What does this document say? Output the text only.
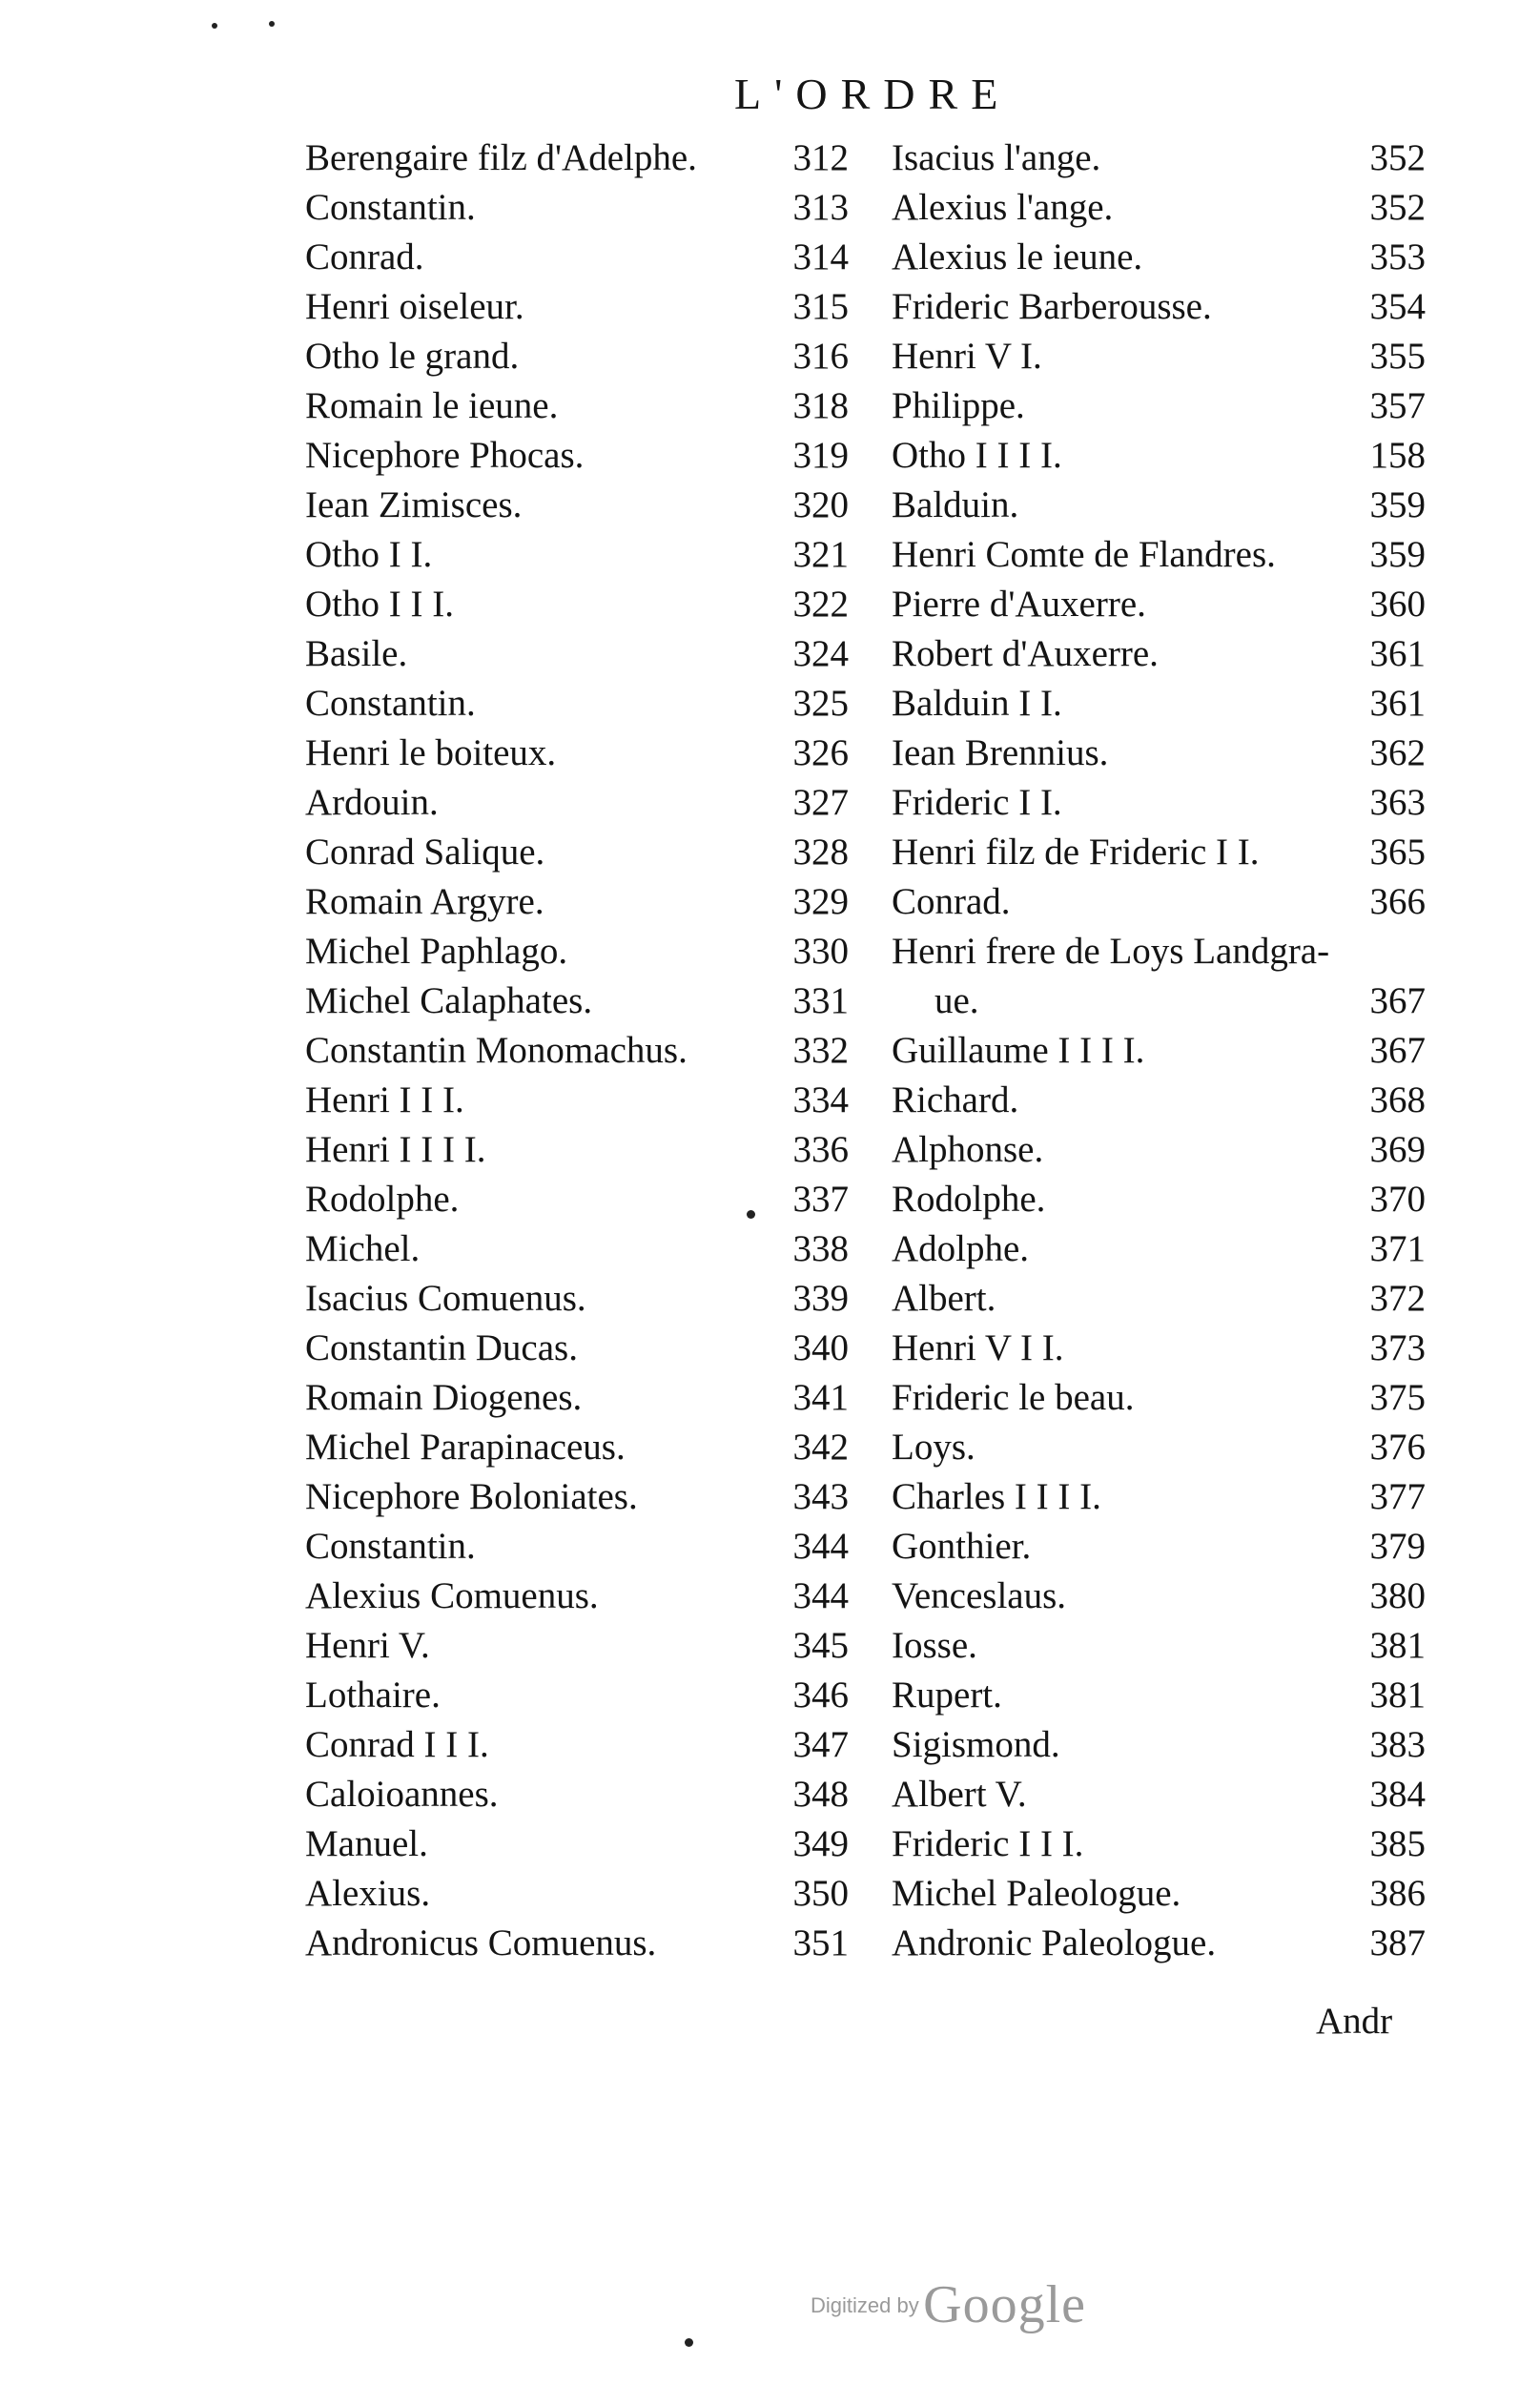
L'ORDRE
Berengaire filz d'Adelphe.	312
Constantin.	313
Conrad.	314
Henri oiseleur.	315
Otho le grand.	316
Romain le ieune.	318
Nicephore Phocas.	319
Iean Zimisces.	320
Otho I I.	321
Otho I I I.	322
Basile.	324
Constantin.	325
Henri le boiteux.	326
Ardouin.	327
Conrad Salique.	328
Romain Argyre.	329
Michel Paphlago.	330
Michel Calaphates.	331
Constantin Monomachus.	332
Henri I I I.	334
Henri I I I I.	336
Rodolphe.	337
Michel.	338
Isacius Comuenus.	339
Constantin Ducas.	340
Romain Diogenes.	341
Michel Parapinaceus.	342
Nicephore Boloniates.	343
Constantin.	344
Alexius Comuenus.	344
Henri V.	345
Lothaire.	346
Conrad I I I.	347
Caloioannes.	348
Manuel.	349
Alexius.	350
Andronicus Comuenus.	351
Isacius l'ange.	352
Alexius l'ange.	352
Alexius le ieune.	353
Frideric Barberousse.	354
Henri V I.	355
Philippe.	357
Otho I I I I.	158
Balduin.	359
Henri Comte de Flandres.	359
Pierre d'Auxerre.	360
Robert d'Auxerre.	361
Balduin I I.	361
Iean Brennius.	362
Frideric I I.	363
Henri filz de Frideric I I.	365
Conrad.	366
Henri frere de Loys Landgra-
ue.	367
Guillaume I I I I.	367
Richard.	368
Alphonse.	369
Rodolphe.	370
Adolphe.	371
Albert.	372
Henri V I I.	373
Frideric le beau.	375
Loys.	376
Charles I I I I.	377
Gonthier.	379
Venceslaus.	380
Iosse.	381
Rupert.	381
Sigismond.	383
Albert V.	384
Frideric I I I.	385
Michel Paleologue.	386
Andronic Paleologue.	387
Andr
Digitized by Google
